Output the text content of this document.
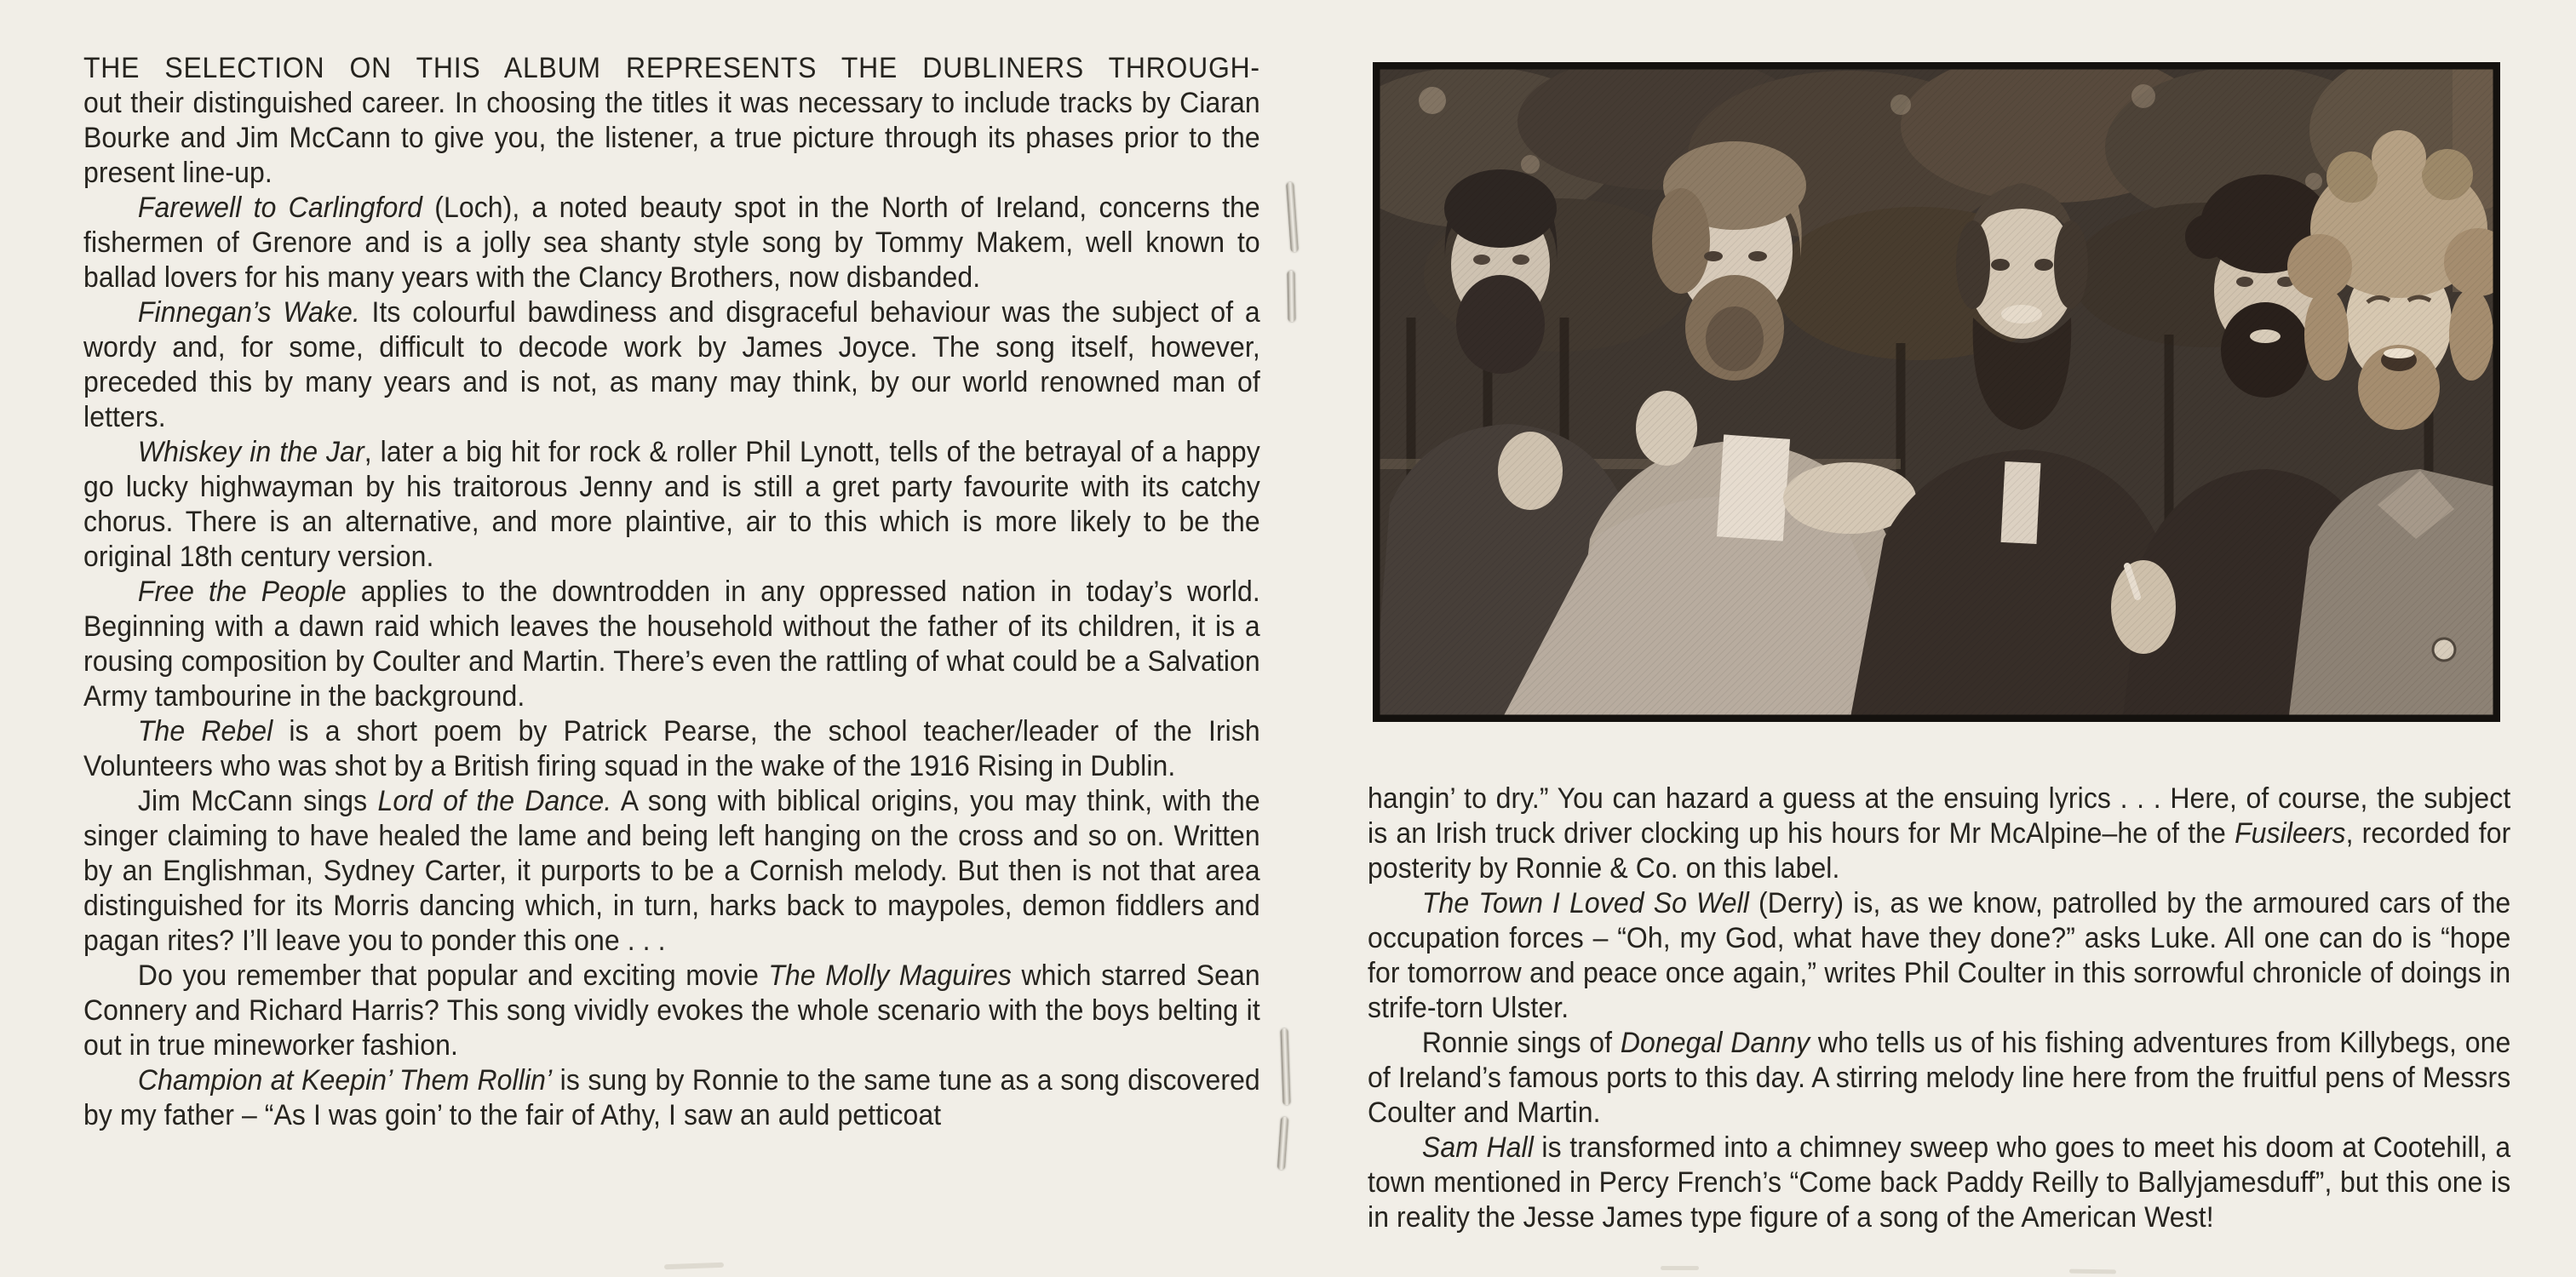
THE SELECTION ON THIS ALBUM REPRESENTS THE DUBLINERS THROUGH-
out their distinguished career. In choosing the titles it was necessary to include tracks by Ciaran Bourke and Jim McCann to give you, the listener, a true picture through its phases prior to the present line-up.

Farewell to Carlingford (Loch), a noted beauty spot in the North of Ireland, concerns the fishermen of Grenore and is a jolly sea shanty style song by Tommy Makem, well known to ballad lovers for his many years with the Clancy Brothers, now disbanded.

Finnegan’s Wake. Its colourful bawdiness and disgraceful behaviour was the subject of a wordy and, for some, difficult to decode work by James Joyce. The song itself, however, preceded this by many years and is not, as many may think, by our world renowned man of letters.

Whiskey in the Jar, later a big hit for rock & roller Phil Lynott, tells of the betrayal of a happy go lucky highwayman by his traitorous Jenny and is still a gret party favourite with its catchy chorus. There is an alternative, and more plaintive, air to this which is more likely to be the original 18th century version.

Free the People applies to the downtrodden in any oppressed nation in today’s world. Beginning with a dawn raid which leaves the household without the father of its children, it is a rousing composition by Coulter and Martin. There’s even the rattling of what could be a Salvation Army tambourine in the background.

The Rebel is a short poem by Patrick Pearse, the school teacher/leader of the Irish Volunteers who was shot by a British firing squad in the wake of the 1916 Rising in Dublin.

Jim McCann sings Lord of the Dance. A song with biblical origins, you may think, with the singer claiming to have healed the lame and being left hanging on the cross and so on. Written by an Englishman, Sydney Carter, it purports to be a Cornish melody. But then is not that area distinguished for its Morris dancing which, in turn, harks back to maypoles, demon fiddlers and pagan rites? I’ll leave you to ponder this one . . .

Do you remember that popular and exciting movie The Molly Maguires which starred Sean Connery and Richard Harris? This song vividly evokes the whole scenario with the boys belting it out in true mineworker fashion.

Champion at Keepin’ Them Rollin’ is sung by Ronnie to the same tune as a song discovered by my father – “As I was goin’ to the fair of Athy, I saw an auld petticoat

hangin’ to dry.” You can hazard a guess at the ensuing lyrics . . . Here, of course, the subject is an Irish truck driver clocking up his hours for Mr McAlpine–he of the Fusileers, recorded for posterity by Ronnie & Co. on this label.

The Town I Loved So Well (Derry) is, as we know, patrolled by the armoured cars of the occupation forces – “Oh, my God, what have they done?” asks Luke. All one can do is “hope for tomorrow and peace once again,” writes Phil Coulter in this sorrowful chronicle of doings in strife-torn Ulster.

Ronnie sings of Donegal Danny who tells us of his fishing adventures from Killybegs, one of Ireland’s famous ports to this day. A stirring melody line here from the fruitful pens of Messrs Coulter and Martin.

Sam Hall is transformed into a chimney sweep who goes to meet his doom at Cootehill, a town mentioned in Percy French’s “Come back Paddy Reilly to Ballyjamesduff”, but this one is in reality the Jesse James type figure of a song of the American West!
